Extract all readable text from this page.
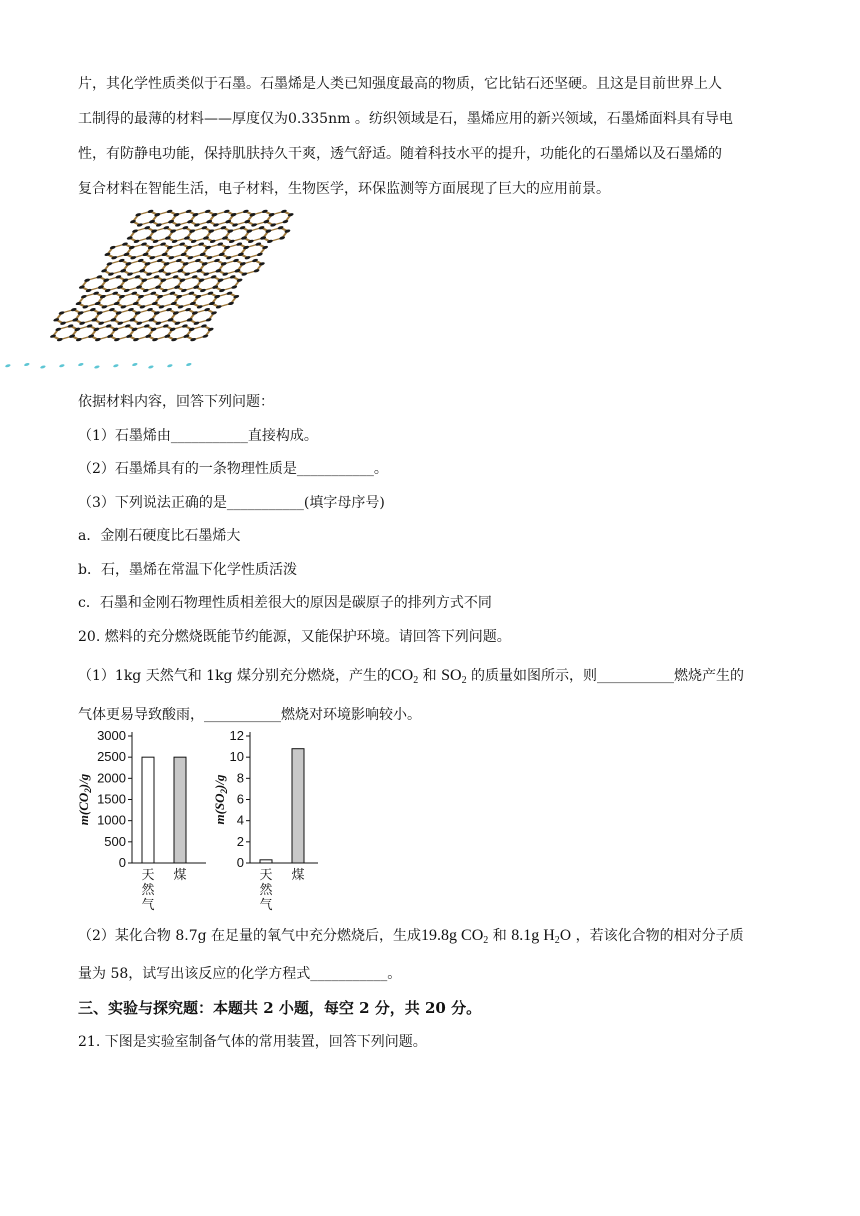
片，其化学性质类似于石墨。石墨烯是人类已知强度最高的物质，它比钻石还坚硬。且这是目前世界上人
工制得的最薄的材料——厚度仅为0.335nm 。纺织领域是石，墨烯应用的新兴领域，石墨烯面料具有导电
性，有防静电功能，保持肌肤持久干爽，透气舒适。随着科技水平的提升，功能化的石墨烯以及石墨烯的
复合材料在智能生活，电子材料，生物医学，环保监测等方面展现了巨大的应用前景。
依据材料内容，回答下列问题：
（1）石墨烯由___________直接构成。
（2）石墨烯具有的一条物理性质是___________。
（3）下列说法正确的是___________(填字母序号)
a．金刚石硬度比石墨烯大
b．石，墨烯在常温下化学性质活泼
c．石墨和金刚石物理性质相差很大的原因是碳原子的排列方式不同
20. 燃料的充分燃烧既能节约能源，又能保护环境。请回答下列问题。
（1）1kg 天然气和 1kg 煤分别充分燃烧，产生的$CO_2$ 和 $SO_2$ 的质量如图所示，则___________燃烧产生的
气体更易导致酸雨，___________燃烧对环境影响较小。
3000
2500
2000
1500
1000
500
0
$m(CO_2)/g$
天然气
煤
12
10
8
6
4
2
0
$m(SO_2)/g$
天然气
煤
（2）某化合物 8.7g 在足量的氧气中充分燃烧后，生成19.8g $CO_2$ 和 8.1g $H_2O$ ，若该化合物的相对分子质
量为 58，试写出该反应的化学方程式___________。
三、实验与探究题：本题共 2 小题，每空 2 分，共 20 分。
21. 下图是实验室制备气体的常用装置，回答下列问题。
